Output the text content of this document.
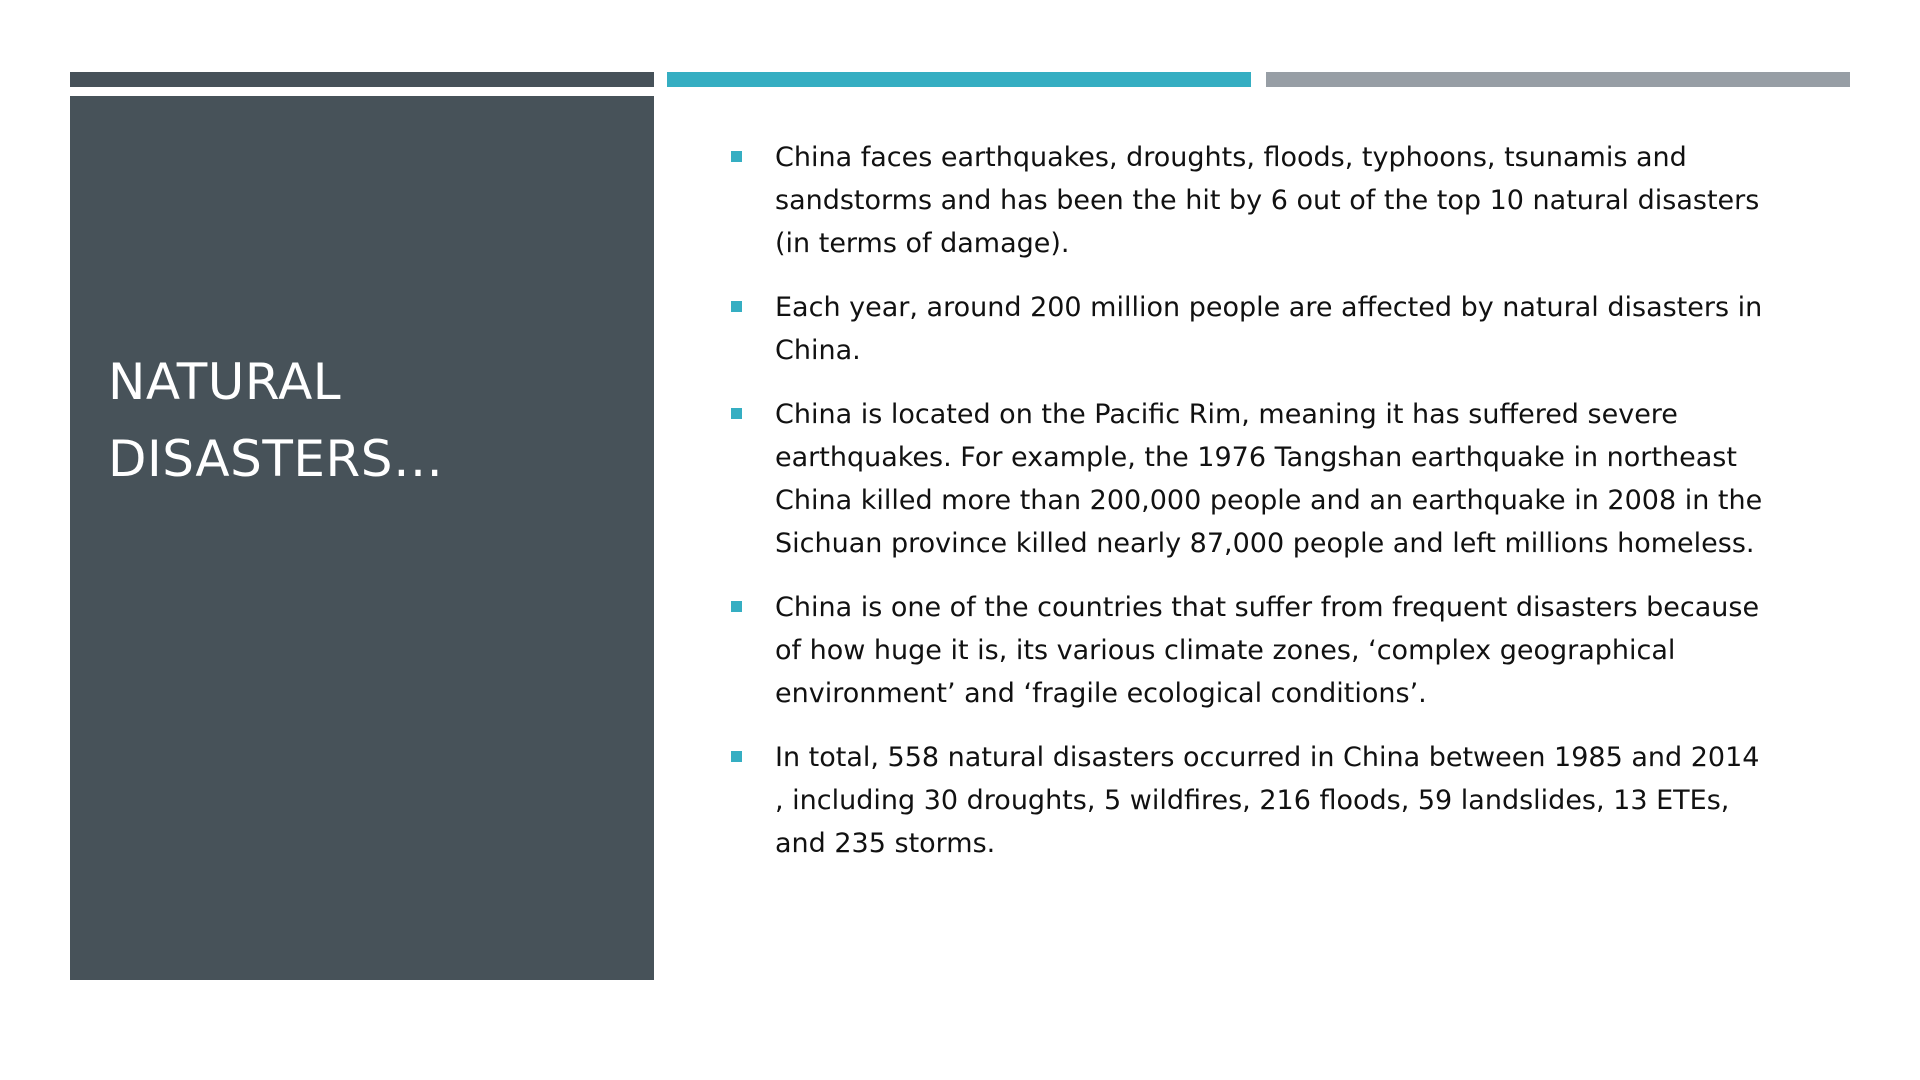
NATURAL
DISASTERS…
China faces earthquakes, droughts, floods, typhoons, tsunamis and sandstorms and has been the hit by 6 out of the top 10 natural disasters (in terms of damage).
Each year, around 200 million people are affected by natural disasters in China.
China is located on the Pacific Rim, meaning it has suffered severe earthquakes. For example, the 1976 Tangshan earthquake in northeast China killed more than 200,000 people and an earthquake in 2008 in the Sichuan province killed nearly 87,000 people and left millions homeless.
China is one of the countries that suffer from frequent disasters because of how huge it is, its various climate zones, ‘complex geographical environment’ and ‘fragile ecological conditions’.
In total, 558 natural disasters occurred in China between 1985 and 2014 , including 30 droughts, 5 wildfires, 216 floods, 59 landslides, 13 ETEs, and 235 storms.
